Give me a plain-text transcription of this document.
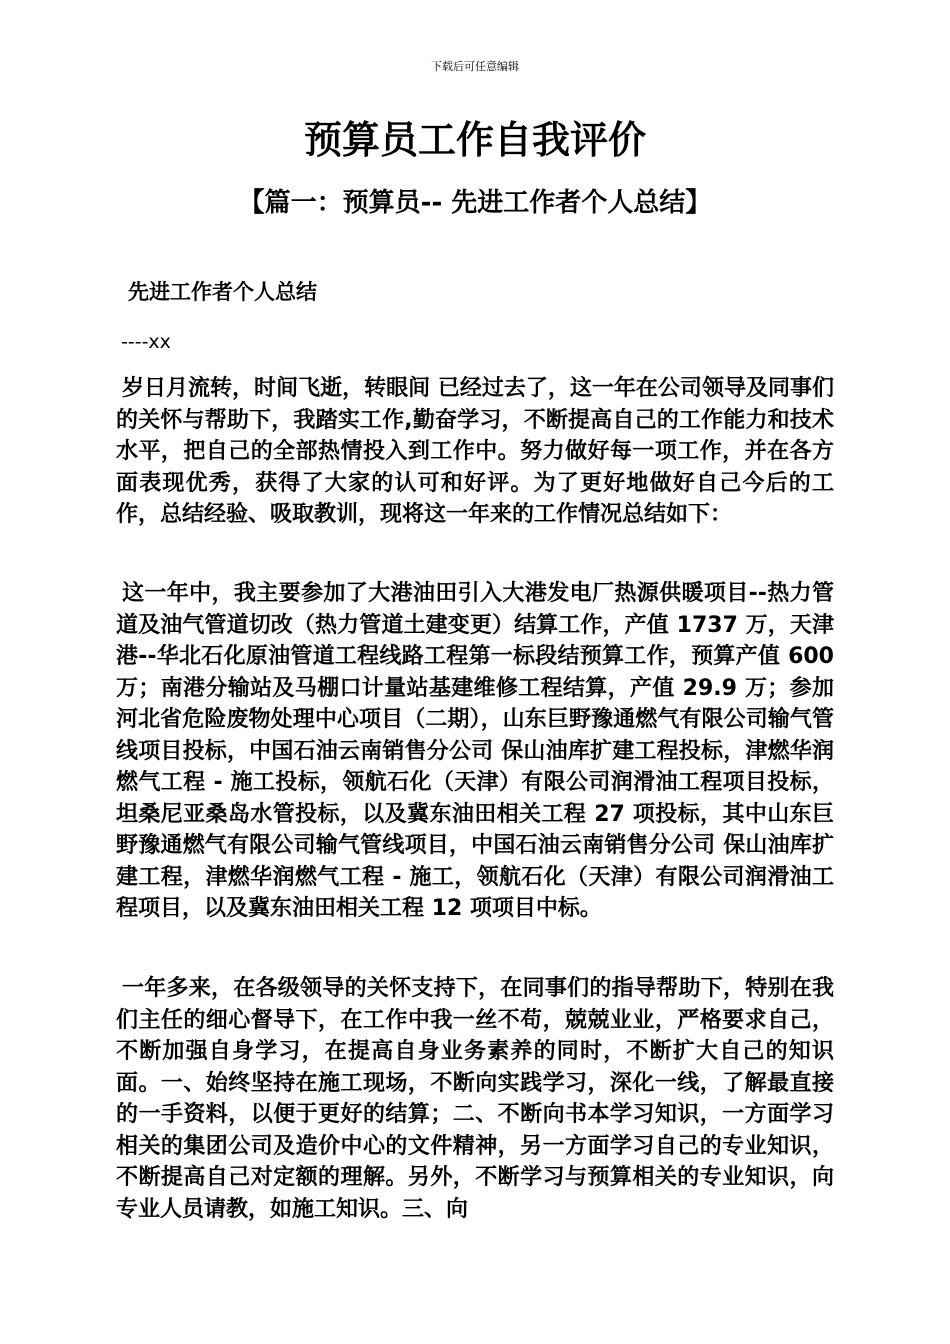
下载后可任意编辑
预算员工作自我评价
【篇一：预算员-- 先进工作者个人总结】
先进工作者个人总结
----xx

岁日月流转，时间飞逝，转眼间 已经过去了，这一年在公司领导及同事们的关怀与帮助下，我踏实工作,勤奋学习，不断提高自己的工作能力和技术水平，把自己的全部热情投入到工作中。努力做好每一项工作，并在各方面表现优秀，获得了大家的认可和好评。为了更好地做好自己今后的工作，总结经验、吸取教训，现将这一年来的工作情况总结如下：

这一年中，我主要参加了大港油田引入大港发电厂热源供暖项目--热力管道及油气管道切改（热力管道土建变更）结算工作，产值 1737 万，天津港--华北石化原油管道工程线路工程第一标段结预算工作，预算产值 600 万；南港分输站及马棚口计量站基建维修工程结算，产值 29.9 万；参加河北省危险废物处理中心项目（二期），山东巨野豫通燃气有限公司输气管线项目投标，中国石油云南销售分公司 保山油库扩建工程投标，津燃华润燃气工程 - 施工投标，领航石化（天津）有限公司润滑油工程项目投标，坦桑尼亚桑岛水管投标，以及冀东油田相关工程 27 项投标，其中山东巨野豫通燃气有限公司输气管线项目，中国石油云南销售分公司 保山油库扩建工程，津燃华润燃气工程 - 施工，领航石化（天津）有限公司润滑油工程项目，以及冀东油田相关工程 12 项项目中标。

一年多来，在各级领导的关怀支持下，在同事们的指导帮助下，特别在我们主任的细心督导下，在工作中我一丝不苟，兢兢业业，严格要求自己，不断加强自身学习，在提高自身业务素养的同时，不断扩大自己的知识面。一、始终坚持在施工现场，不断向实践学习，深化一线，了解最直接的一手资料，以便于更好的结算；二、不断向书本学习知识，一方面学习相关的集团公司及造价中心的文件精神，另一方面学习自己的专业知识，不断提高自己对定额的理解。另外，不断学习与预算相关的专业知识，向专业人员请教，如施工知识。三、向
